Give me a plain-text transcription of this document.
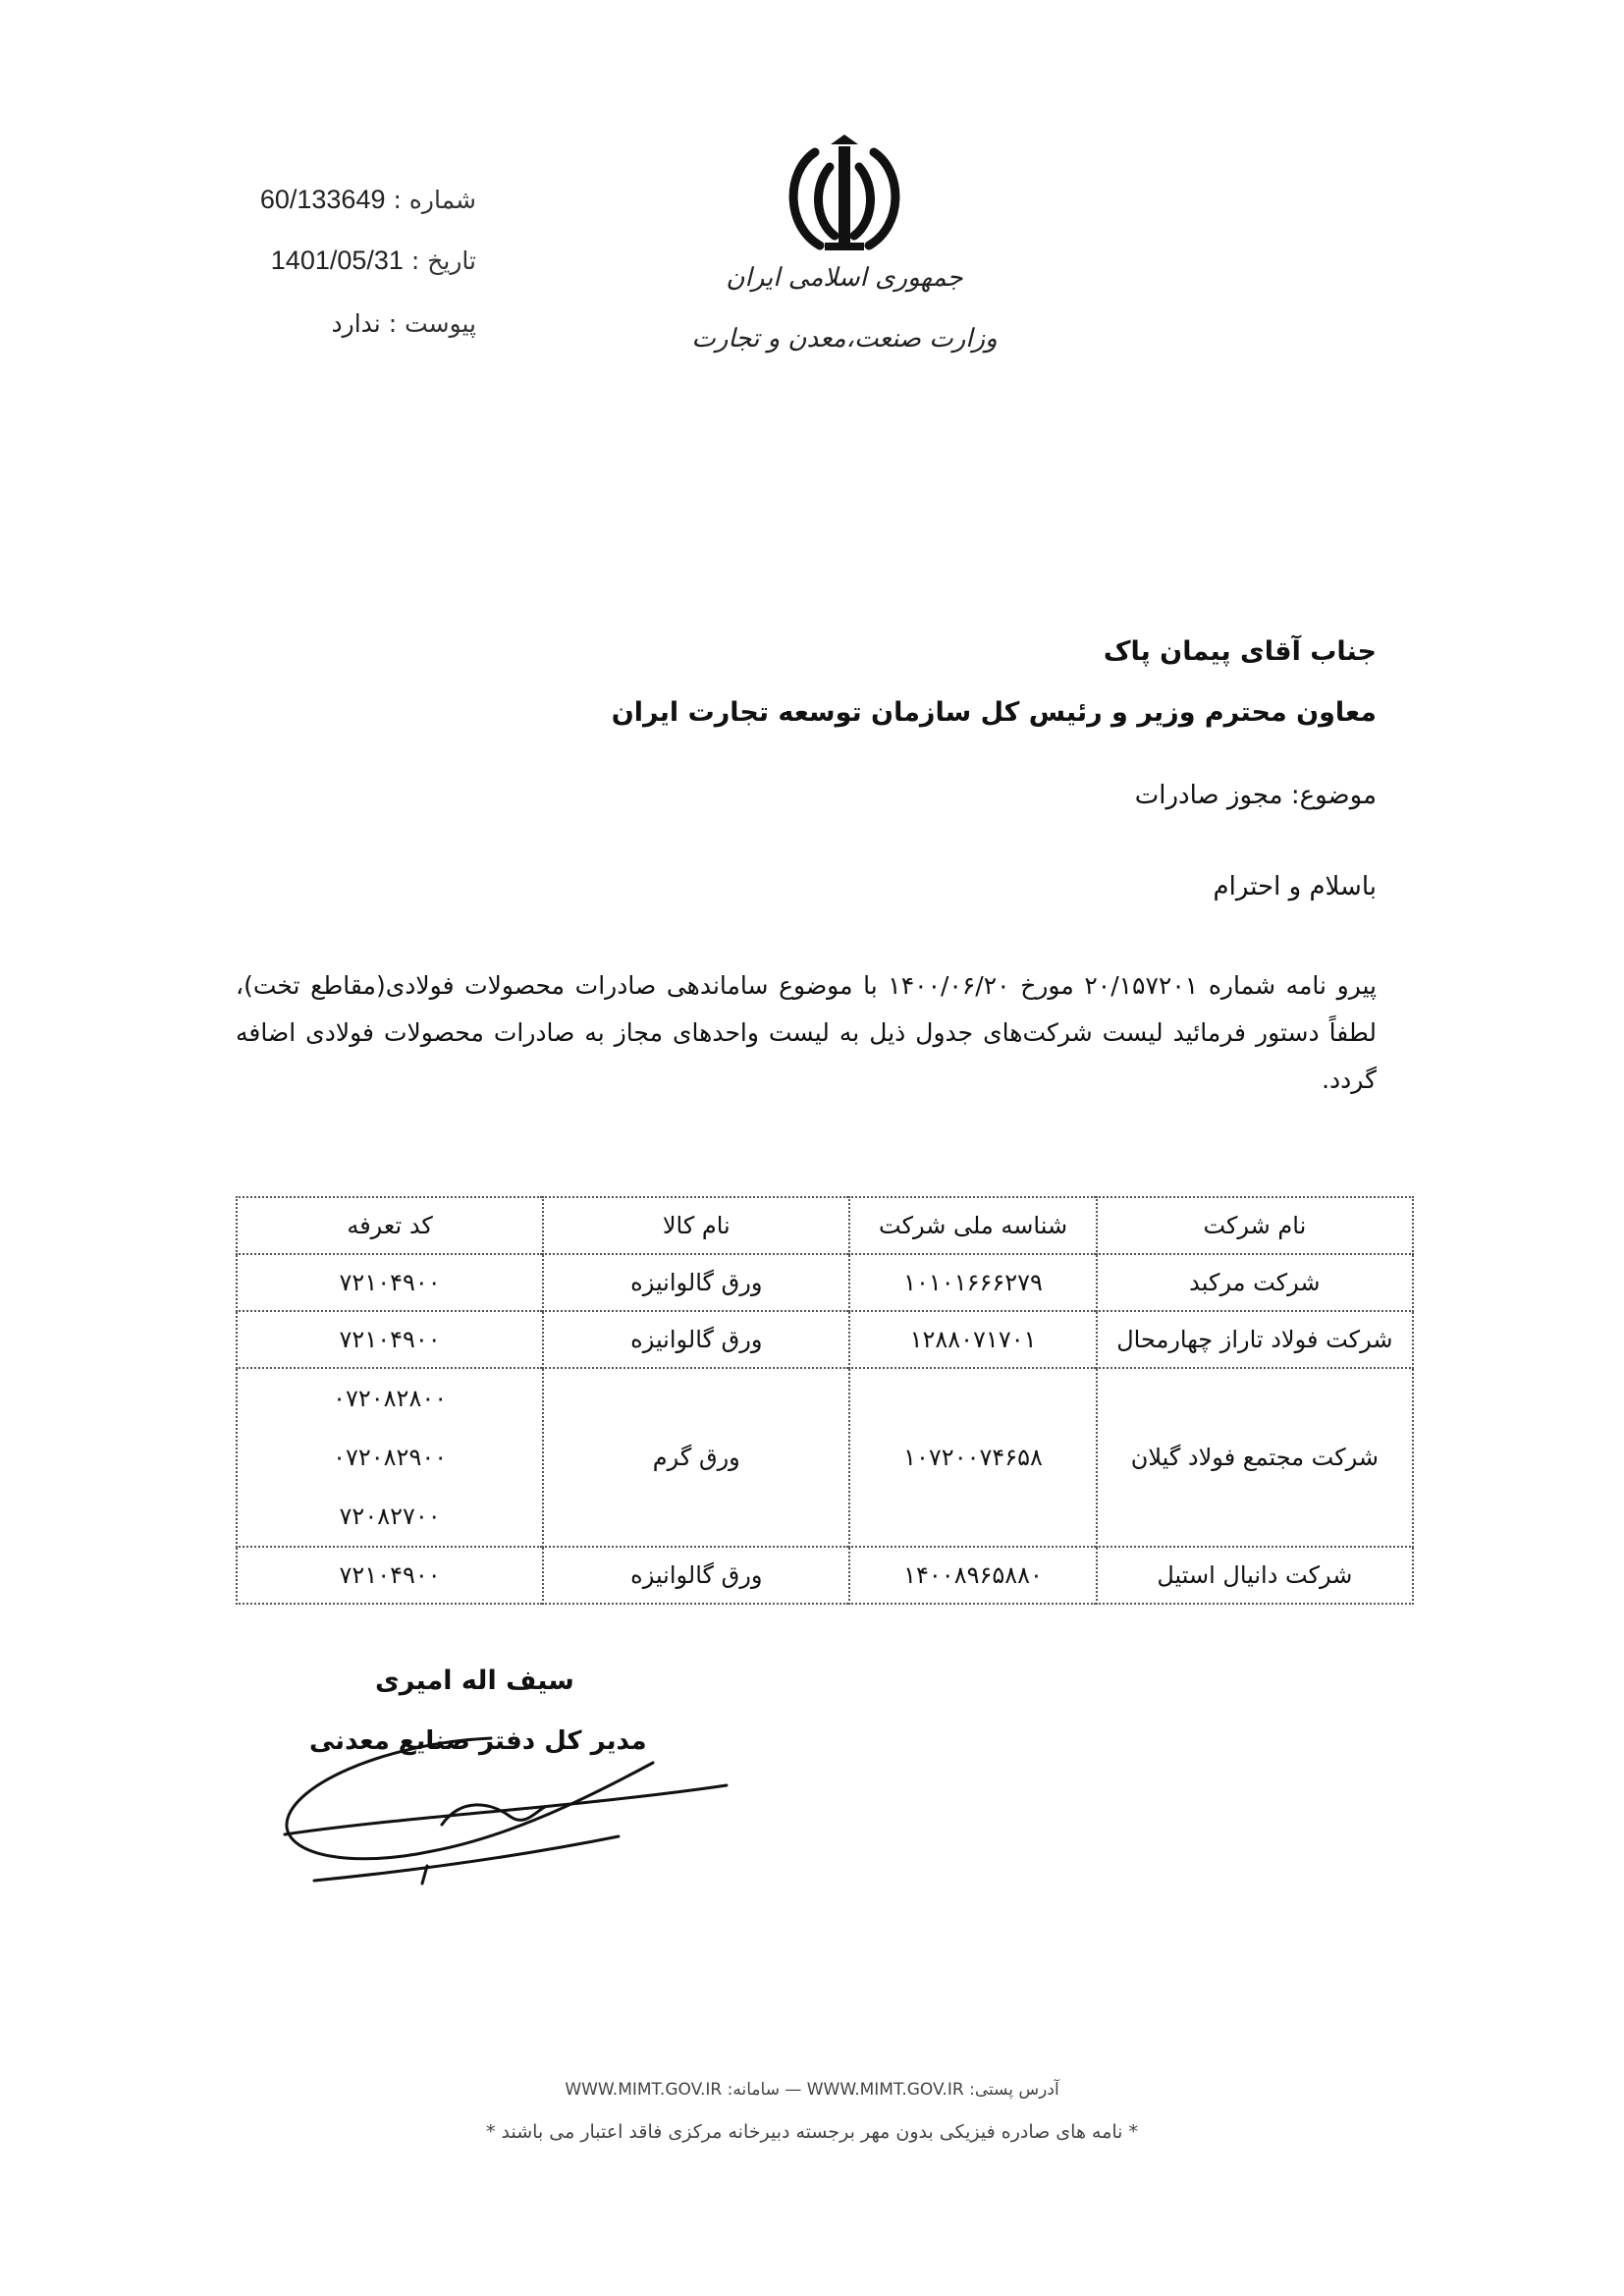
شماره : 60/133649
تاریخ : 1401/05/31
پیوست : ندارد
جمهوری اسلامی ایران
وزارت صنعت،معدن و تجارت
جناب آقای پیمان پاک
معاون محترم وزیر و رئیس کل سازمان توسعه تجارت ایران
موضوع: مجوز صادرات
باسلام و احترام
پیرو نامه شماره ۲۰/۱۵۷۲۰۱ مورخ ۱۴۰۰/۰۶/۲۰ با موضوع ساماندهی صادرات محصولات فولادی(مقاطع تخت)، لطفاً دستور فرمائید لیست شرکت‌های جدول ذیل به لیست واحدهای مجاز به صادرات محصولات فولادی اضافه گردد.
نام شرکت	شناسه ملی شرکت	نام کالا	کد تعرفه
شرکت مرکبد	۱۰۱۰۱۶۶۶۲۷۹	ورق گالوانیزه	۷۲۱۰۴۹۰۰
شرکت فولاد تاراز چهارمحال	۱۲۸۸۰۷۱۷۰۱	ورق گالوانیزه	۷۲۱۰۴۹۰۰
شرکت مجتمع فولاد گیلان	۱۰۷۲۰۰۷۴۶۵۸	ورق گرم	۰۷۲۰۸۲۸۰۰
۰۷۲۰۸۲۹۰۰
۷۲۰۸۲۷۰۰

شرکت دانیال استیل	۱۴۰۰۸۹۶۵۸۸۰	ورق گالوانیزه	۷۲۱۰۴۹۰۰
سیف اله امیری
مدیر کل دفتر صنایع معدنی
آدرس پستی: WWW.MIMT.GOV.IR — سامانه: WWW.MIMT.GOV.IR
* نامه های صادره فیزیکی بدون مهر برجسته دبیرخانه مرکزی فاقد اعتبار می باشند *
